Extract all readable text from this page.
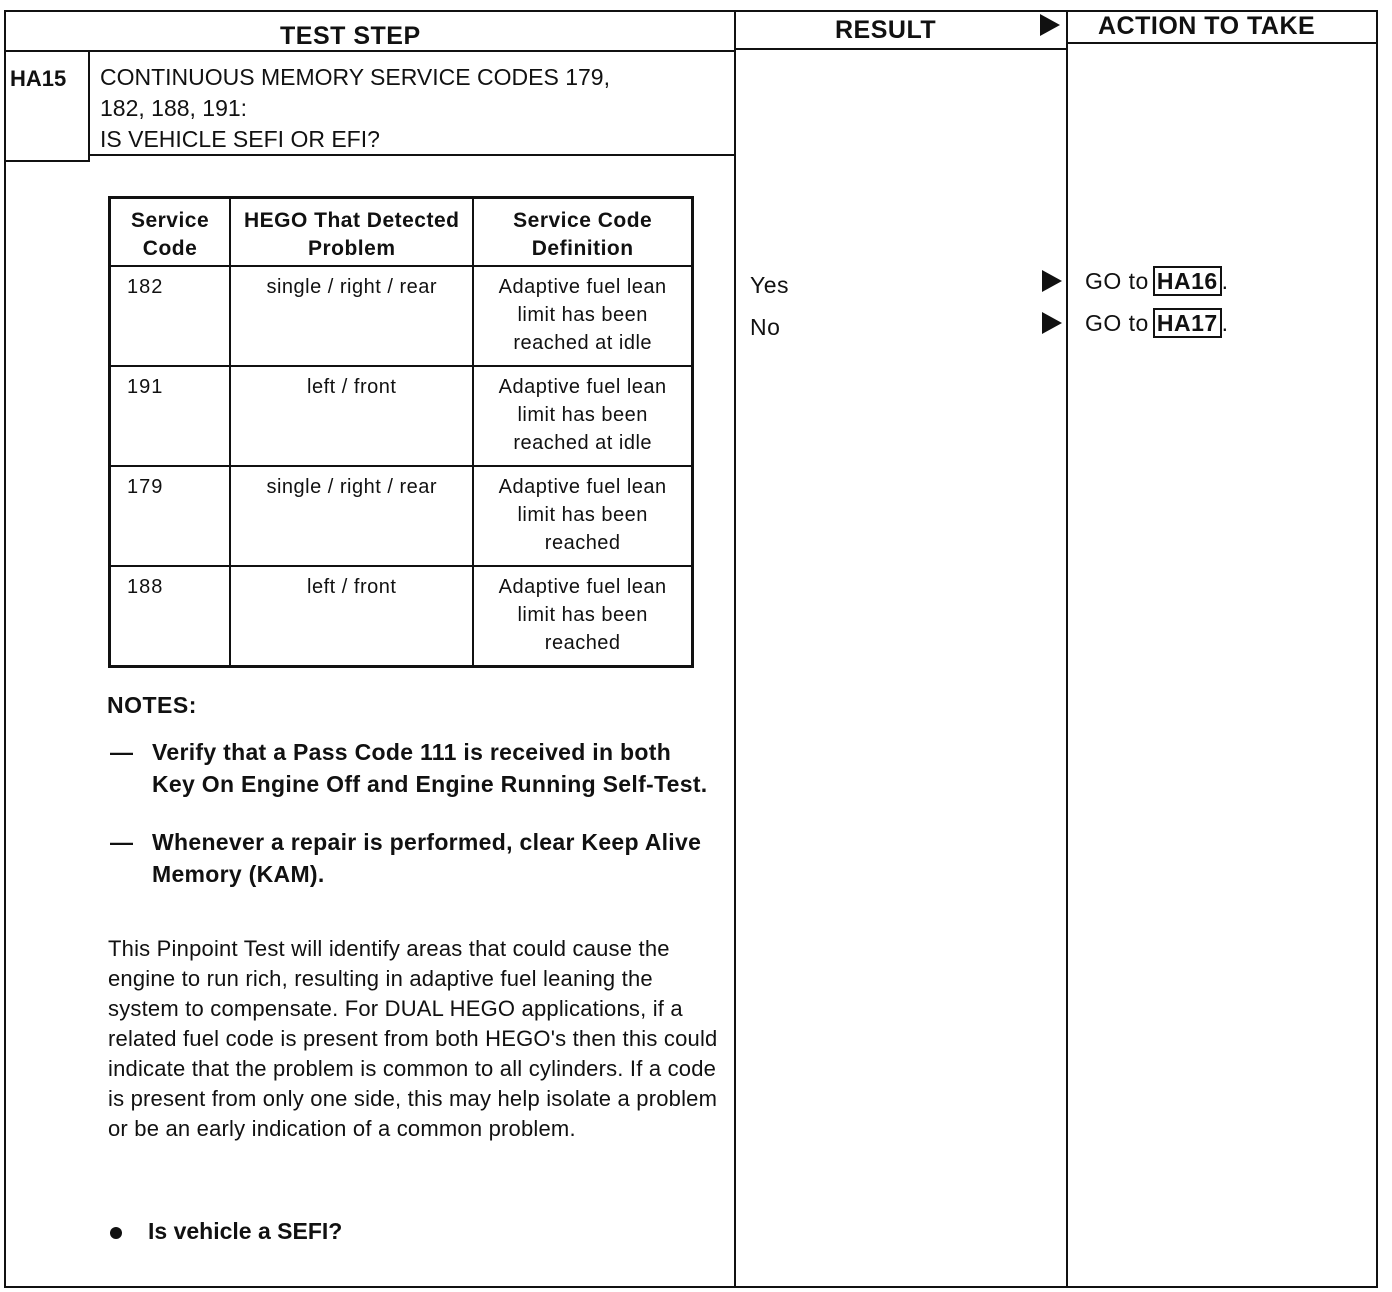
TEST STEP	RESULT	ACTION TO TAKE
HA15 CONTINUOUS MEMORY SERVICE CODES 179,
182, 188, 191:
IS VEHICLE SEFI OR EFI?
Service Code	HEGO That Detected Problem	Service Code Definition
182	single / right / rear	Adaptive fuel lean limit has been reached at idle
191	left / front	Adaptive fuel lean limit has been reached at idle
179	single / right / rear	Adaptive fuel lean limit has been reached
188	left / front	Adaptive fuel lean limit has been reached
NOTES:
— Verify that a Pass Code 111 is received in both Key On Engine Off and Engine Running Self-Test.
— Whenever a repair is performed, clear Keep Alive Memory (KAM).
This Pinpoint Test will identify areas that could cause the engine to run rich, resulting in adaptive fuel leaning the system to compensate. For DUAL HEGO applications, if a related fuel code is present from both HEGO's then this could indicate that the problem is common to all cylinders. If a code is present from only one side, this may help isolate a problem or be an early indication of a common problem.
Is vehicle a SEFI?
Yes	GO to HA16 .
No	GO to HA17 .
